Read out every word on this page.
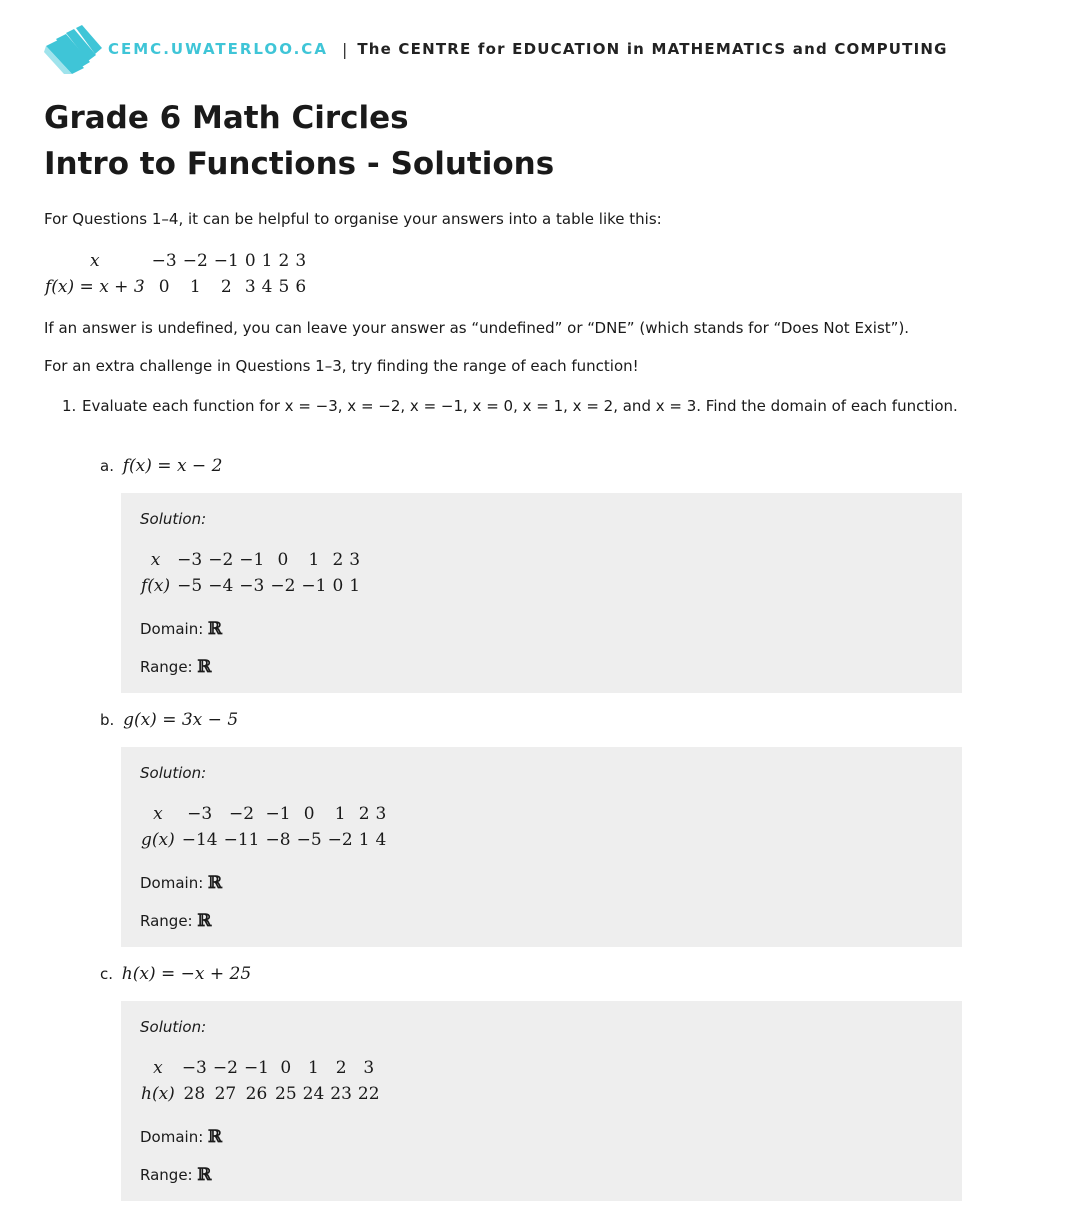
CEMC.UWATERLOO.CA | The CENTRE for EDUCATION in MATHEMATICS and COMPUTING
Grade 6 Math Circles
Intro to Functions - Solutions

For Questions 1–4, it can be helpful to organise your answers into a table like this:

x	−3	−2	−1	0	1	2	3
f(x) = x + 3	0	1	2	3	4	5	6

If an answer is undefined, you can leave your answer as “undefined” or “DNE” (which stands for “Does Not Exist”).

For an extra challenge in Questions 1–3, try finding the range of each function!

1. Evaluate each function for x = −3, x = −2, x = −1, x = 0, x = 1, x = 2, and x = 3. Find the domain of each function.
a. f(x) = x − 2
Solution:
x	−3	−2	−1	0	1	2	3
f(x)	−5	−4	−3	−2	−1	0	1
Domain: ℝ
Range: ℝ
b. g(x) = 3x − 5
Solution:
x	−3	−2	−1	0	1	2	3
g(x)	−14	−11	−8	−5	−2	1	4
Domain: ℝ
Range: ℝ
c. h(x) = −x + 25
Solution:
x	−3	−2	−1	0	1	2	3
h(x)	28	27	26	25	24	23	22
Domain: ℝ
Range: ℝ
